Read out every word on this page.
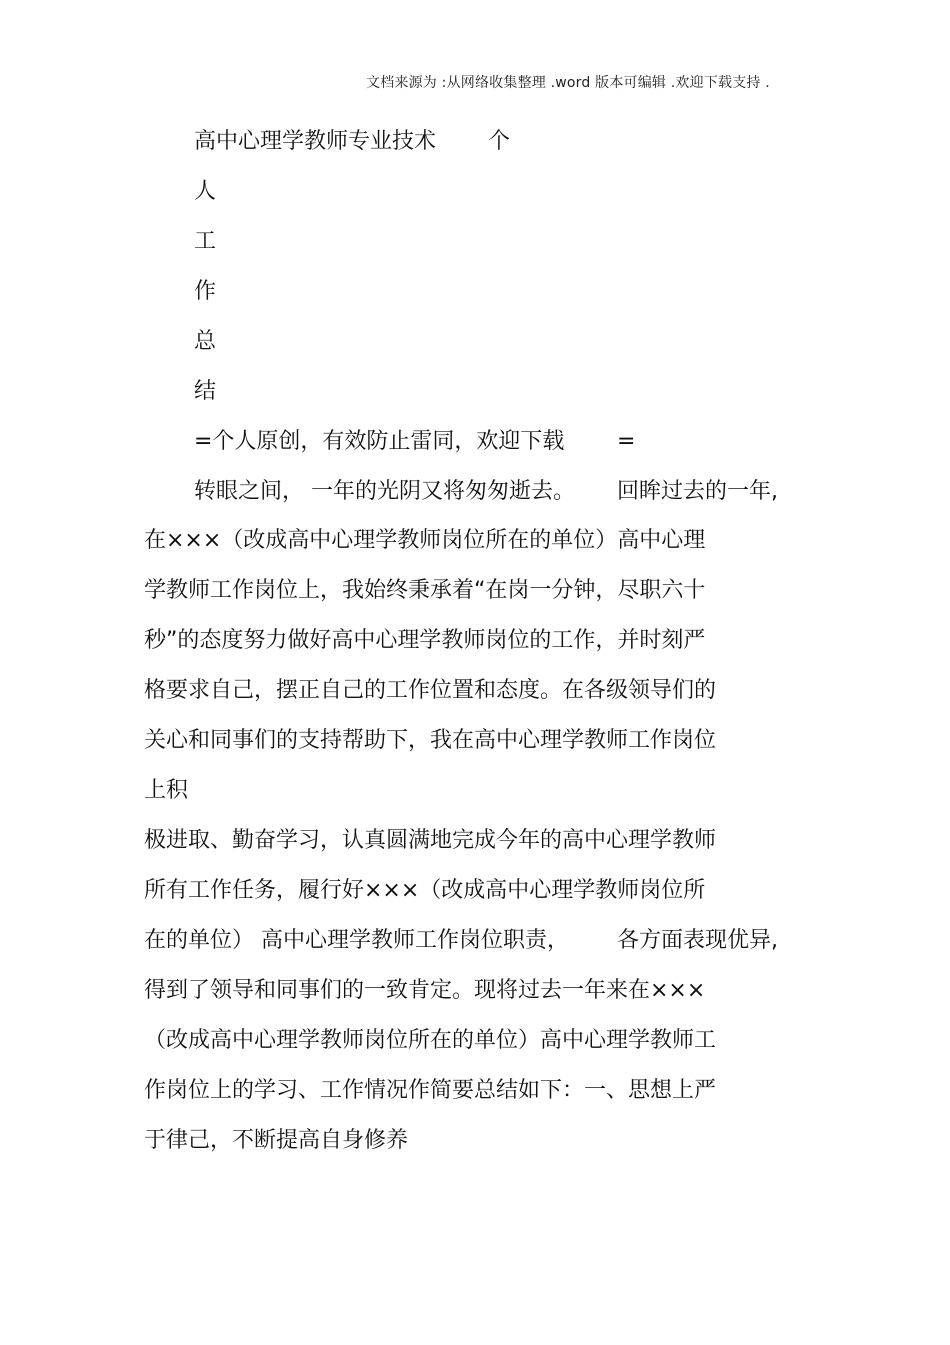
文档来源为 :从网络收集整理 .word 版本可编辑 .欢迎下载支持 .
高中心理学教师专业技术 个
人
工
作
总
结
=个人原创，有效防止雷同，欢迎下载 =
转眼之间， 一年的光阴又将匆匆逝去。 回眸过去的一年,
在×××（改成高中心理学教师岗位所在的单位）高中心理
学教师工作岗位上，我始终秉承着“在岗一分钟，尽职六十
秒”的态度努力做好高中心理学教师岗位的工作，并时刻严
格要求自己，摆正自己的工作位置和态度。在各级领导们的
关心和同事们的支持帮助下，我在高中心理学教师工作岗位
上积
极进取、勤奋学习，认真圆满地完成今年的高中心理学教师
所有工作任务，履行好×××（改成高中心理学教师岗位所
在的单位） 高中心理学教师工作岗位职责， 各方面表现优异,
得到了领导和同事们的一致肯定。现将过去一年来在×××
（改成高中心理学教师岗位所在的单位）高中心理学教师工
作岗位上的学习、工作情况作简要总结如下：一、思想上严
于律己，不断提高自身修养
